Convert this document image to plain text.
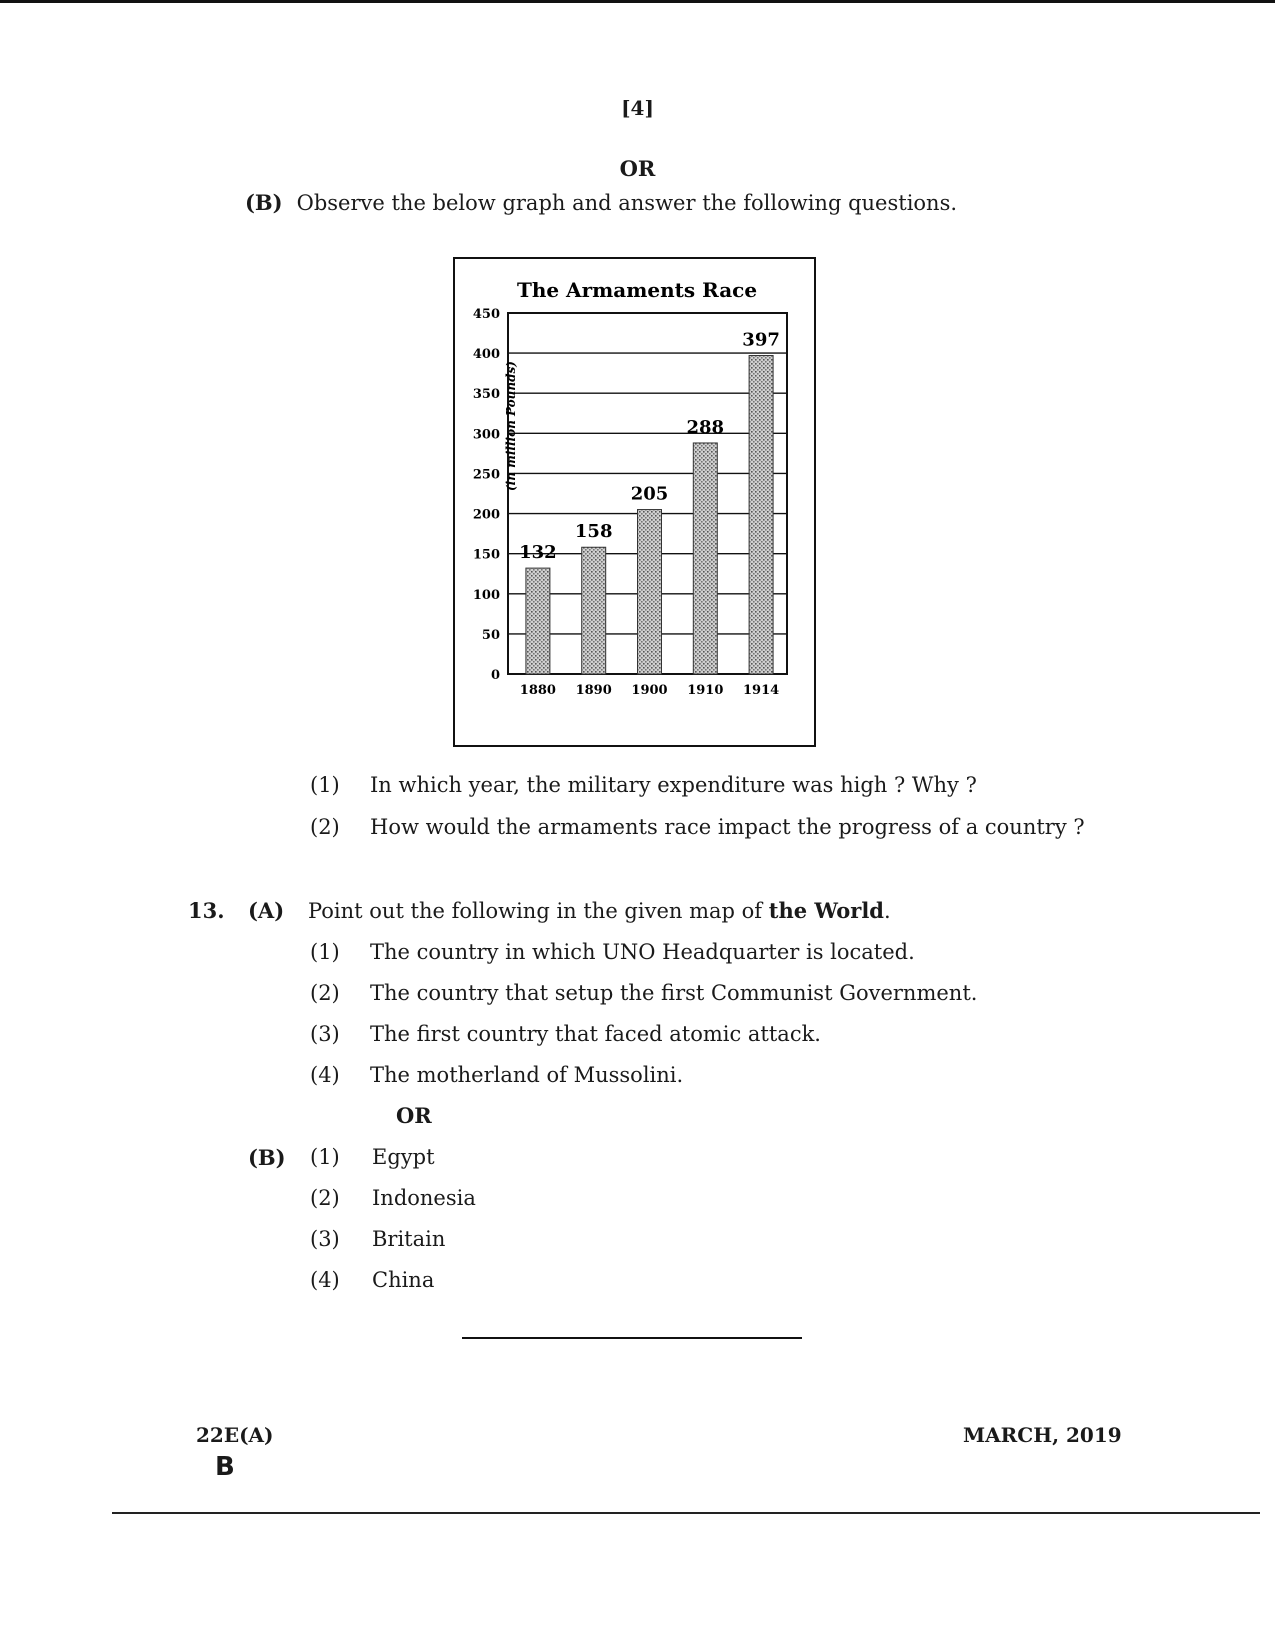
[4]
OR
(B) Observe the below graph and answer the following questions.
The Armaments Race
0
50
100
150
200
250
300
350
400
450
132
158
205
288
397
1880 1890 1900 1910 1914
(in million Pounds)
(1) In which year, the military expenditure was high ? Why ?
(2) How would the armaments race impact the progress of a country ?
13. (A) Point out the following in the given map of the World.
(1) The country in which UNO Headquarter is located.
(2) The country that setup the first Communist Government.
(3) The first country that faced atomic attack.
(4) The motherland of Mussolini.
OR
(B) (1) Egypt
(2) Indonesia
(3) Britain
(4) China
22E(A)
B
MARCH, 2019
